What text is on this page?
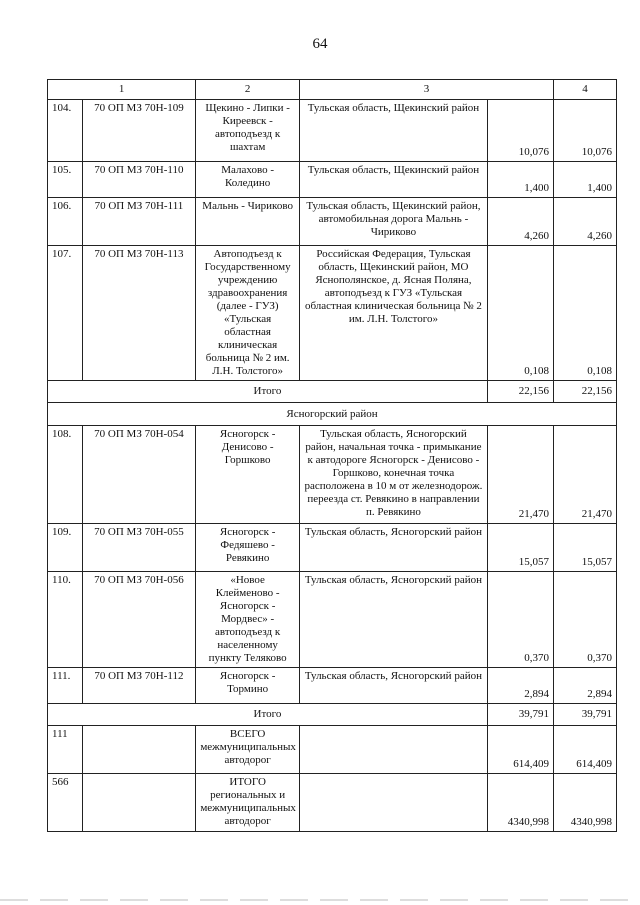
64
1		2	3		4
104.	70 ОП МЗ 70Н-109	Щекино - Липки - Киреевск - автоподъезд к шахтам	Тульская область, Щекинский район	10,076	10,076
105.	70 ОП МЗ 70Н-110	Малахово - Коледино	Тульская область, Щекинский район	1,400	1,400
106.	70 ОП МЗ 70Н-111	Мальнь - Чириково	Тульская область, Щекинский район, автомобильная дорога Мальнь - Чириково	4,260	4,260
107.	70 ОП МЗ 70Н-113	Автоподъезд к Государственному учреждению здравоохранения (далее - ГУЗ) «Тульская областная клиническая больница № 2 им. Л.Н. Толстого»	Российская Федерация, Тульская область, Щекинский район, МО Яснополянское, д. Ясная Поляна, автоподъезд к ГУЗ «Тульская областная клиническая больница № 2 им. Л.Н. Толстого»	0,108	0,108
Итого				22,156	22,156
Ясногорский район					
108.	70 ОП МЗ 70Н-054	Ясногорск - Денисово - Горшково	Тульская область, Ясногорский район, начальная точка - примыкание к автодороге Ясногорск - Денисово - Горшково, конечная точка расположена в 10 м от железнодорож. переезда ст. Ревякино в направлении п. Ревякино	21,470	21,470
109.	70 ОП МЗ 70Н-055	Ясногорск - Федяшево - Ревякино	Тульская область, Ясногорский район	15,057	15,057
110.	70 ОП МЗ 70Н-056	«Новое Клейменово - Ясногорск - Мордвес» - автоподъезд к населенному пункту Теляково	Тульская область, Ясногорский район	0,370	0,370
111.	70 ОП МЗ 70Н-112	Ясногорск - Тормино	Тульская область, Ясногорский район	2,894	2,894
Итого				39,791	39,791
111		ВСЕГО межмуниципальных автодорог		614,409	614,409
566		ИТОГО региональных и межмуниципальных автодорог		4340,998	4340,998
